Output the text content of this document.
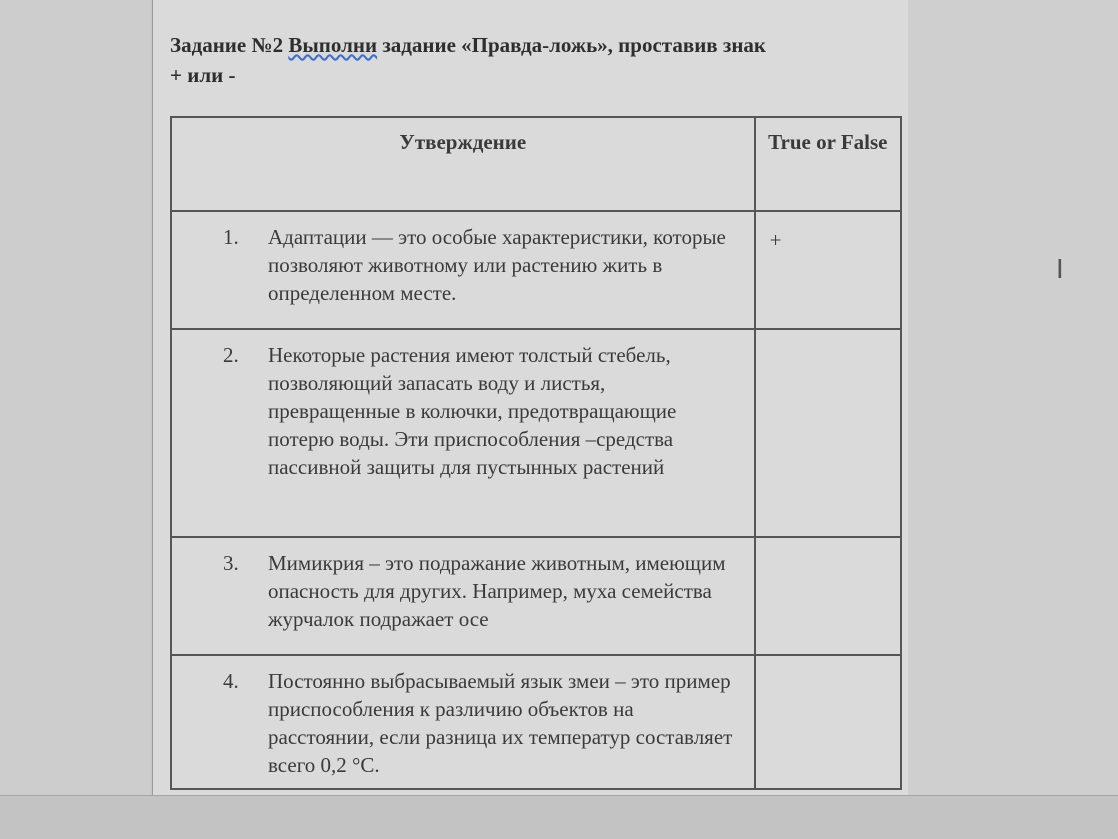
Задание №2 Выполни задание «Правда-ложь», проставив знак
+ или -
Утверждение	True or False

1. Адаптации — это особые характеристики, которые позволяют животному или растению жить в определенном месте.	+

2. Некоторые растения имеют толстый стебель, позволяющий запасать воду и листья, превращенные в колючки, предотвращающие потерю воды. Эти приспособления –средства пассивной защиты для пустынных растений	

3. Мимикрия – это подражание животным, имеющим опасность для других. Например, муха семейства журчалок подражает осе	

4. Постоянно выбрасываемый язык змеи – это пример приспособления к различию объектов на расстоянии, если разница их температур составляет всего 0,2 °С.	

I
